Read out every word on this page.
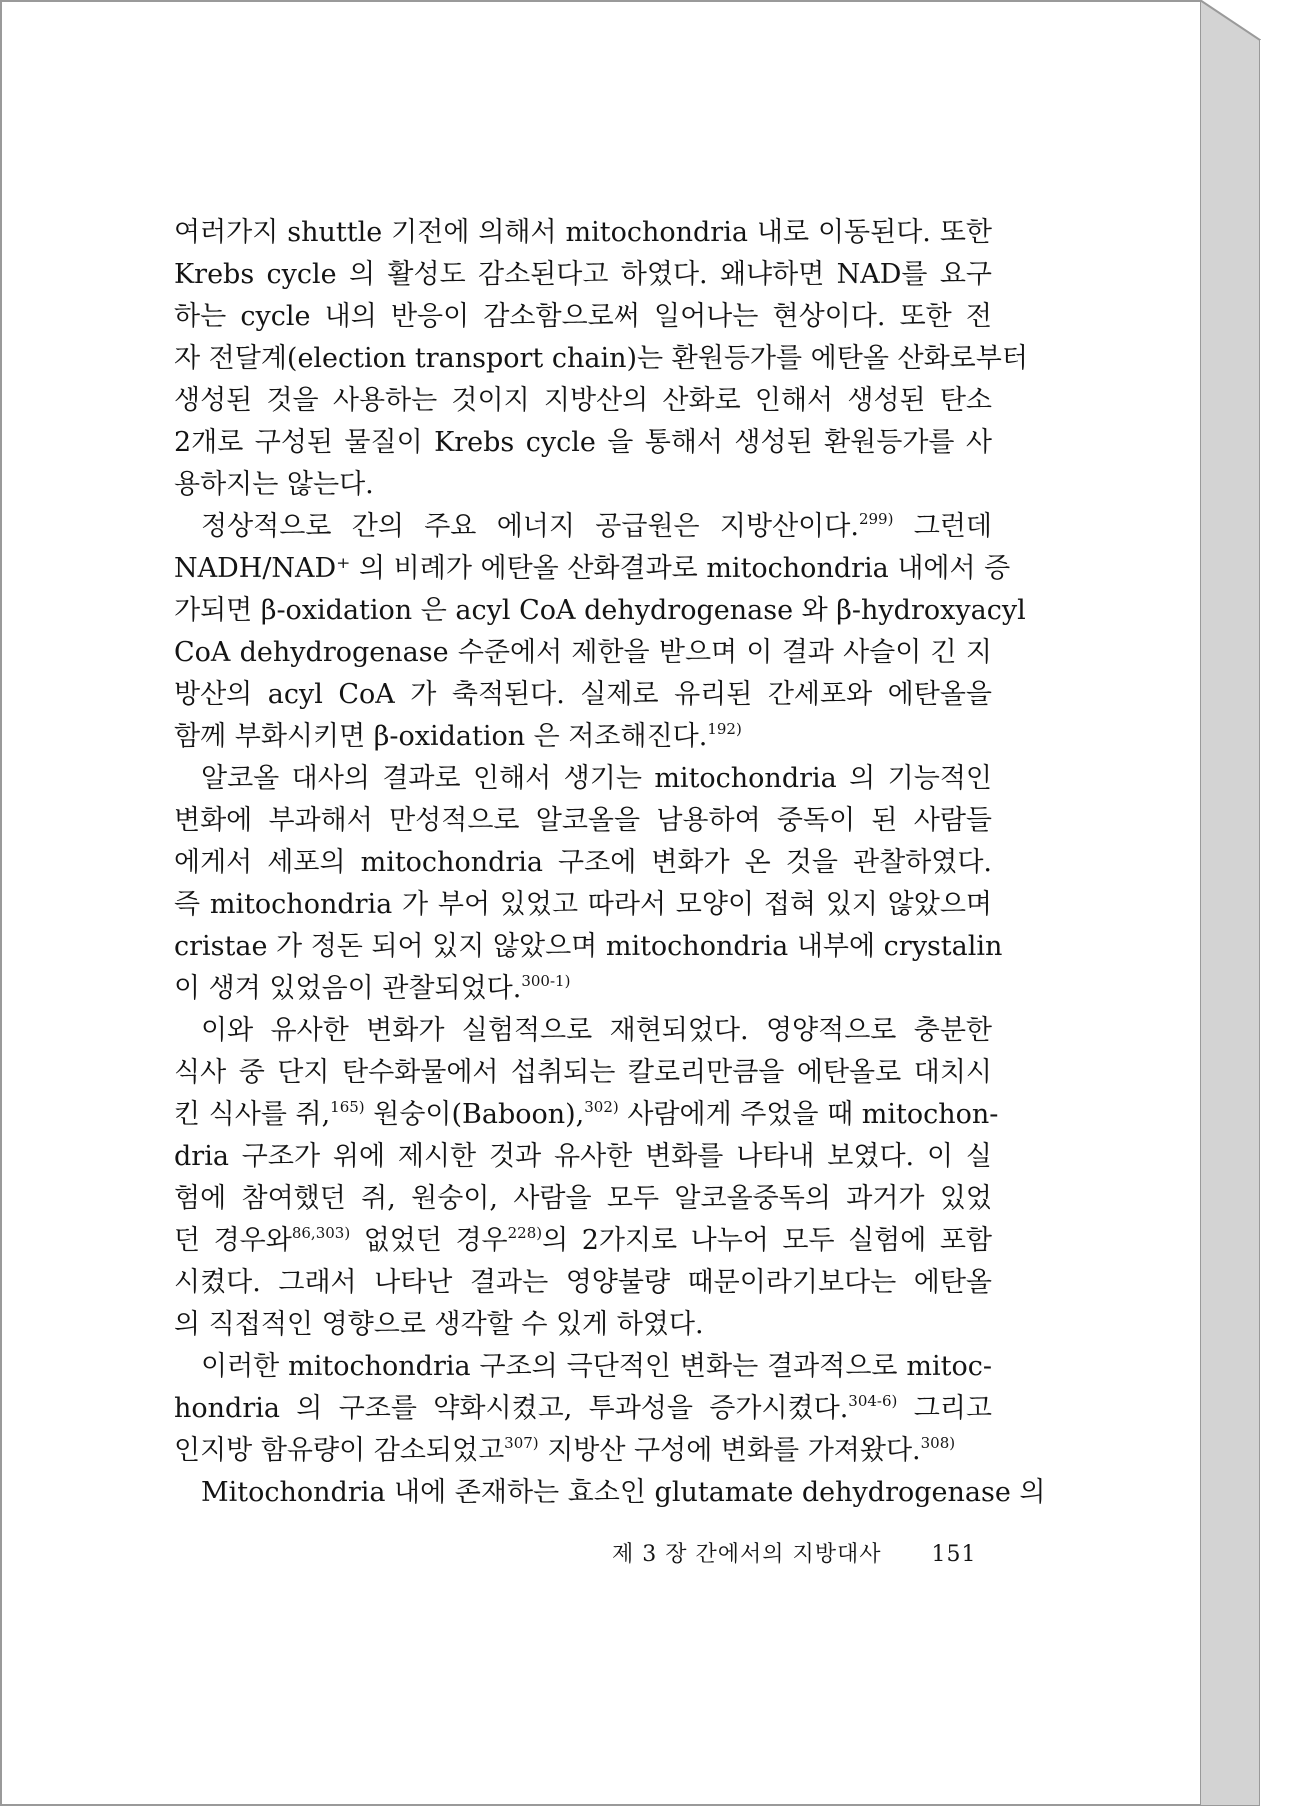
여러가지 shuttle 기전에 의해서 mitochondria 내로 이동된다. 또한
Krebs cycle 의 활성도 감소된다고 하였다. 왜냐하면 NAD를 요구
하는 cycle 내의 반응이 감소함으로써 일어나는 현상이다. 또한 전
자 전달계(election transport chain)는 환원등가를 에탄올 산화로부터
생성된 것을 사용하는 것이지 지방산의 산화로 인해서 생성된 탄소
2개로 구성된 물질이 Krebs cycle 을 통해서 생성된 환원등가를 사
용하지는 않는다.
정상적으로 간의 주요 에너지 공급원은 지방산이다.$^{299)}$ 그런데
NADH/NAD⁺ 의 비례가 에탄올 산화결과로 mitochondria 내에서 증
가되면 β-oxidation 은 acyl CoA dehydrogenase 와 β-hydroxyacyl
CoA dehydrogenase 수준에서 제한을 받으며 이 결과 사슬이 긴 지
방산의 acyl CoA 가 축적된다. 실제로 유리된 간세포와 에탄올을
함께 부화시키면 β-oxidation 은 저조해진다.$^{192)}$
알코올 대사의 결과로 인해서 생기는 mitochondria 의 기능적인
변화에 부과해서 만성적으로 알코올을 남용하여 중독이 된 사람들
에게서 세포의 mitochondria 구조에 변화가 온 것을 관찰하였다.
즉 mitochondria 가 부어 있었고 따라서 모양이 접혀 있지 않았으며
cristae 가 정돈 되어 있지 않았으며 mitochondria 내부에 crystalin
이 생겨 있었음이 관찰되었다.$^{300-1)}$
이와 유사한 변화가 실험적으로 재현되었다. 영양적으로 충분한
식사 중 단지 탄수화물에서 섭취되는 칼로리만큼을 에탄올로 대치시
킨 식사를 쥐,$^{165)}$ 원숭이(Baboon),$^{302)}$ 사람에게 주었을 때 mitochon-
dria 구조가 위에 제시한 것과 유사한 변화를 나타내 보였다. 이 실
험에 참여했던 쥐, 원숭이, 사람을 모두 알코올중독의 과거가 있었
던 경우와$^{86,303)}$ 없었던 경우$^{228)}$의 2가지로 나누어 모두 실험에 포함
시켰다. 그래서 나타난 결과는 영양불량 때문이라기보다는 에탄올
의 직접적인 영향으로 생각할 수 있게 하였다.
이러한 mitochondria 구조의 극단적인 변화는 결과적으로 mitoc-
hondria 의 구조를 약화시켰고, 투과성을 증가시켰다.$^{304-6)}$ 그리고
인지방 함유량이 감소되었고$^{307)}$ 지방산 구성에 변화를 가져왔다.$^{308)}$
Mitochondria 내에 존재하는 효소인 glutamate dehydrogenase 의
제 3 장 간에서의 지방대사 151
